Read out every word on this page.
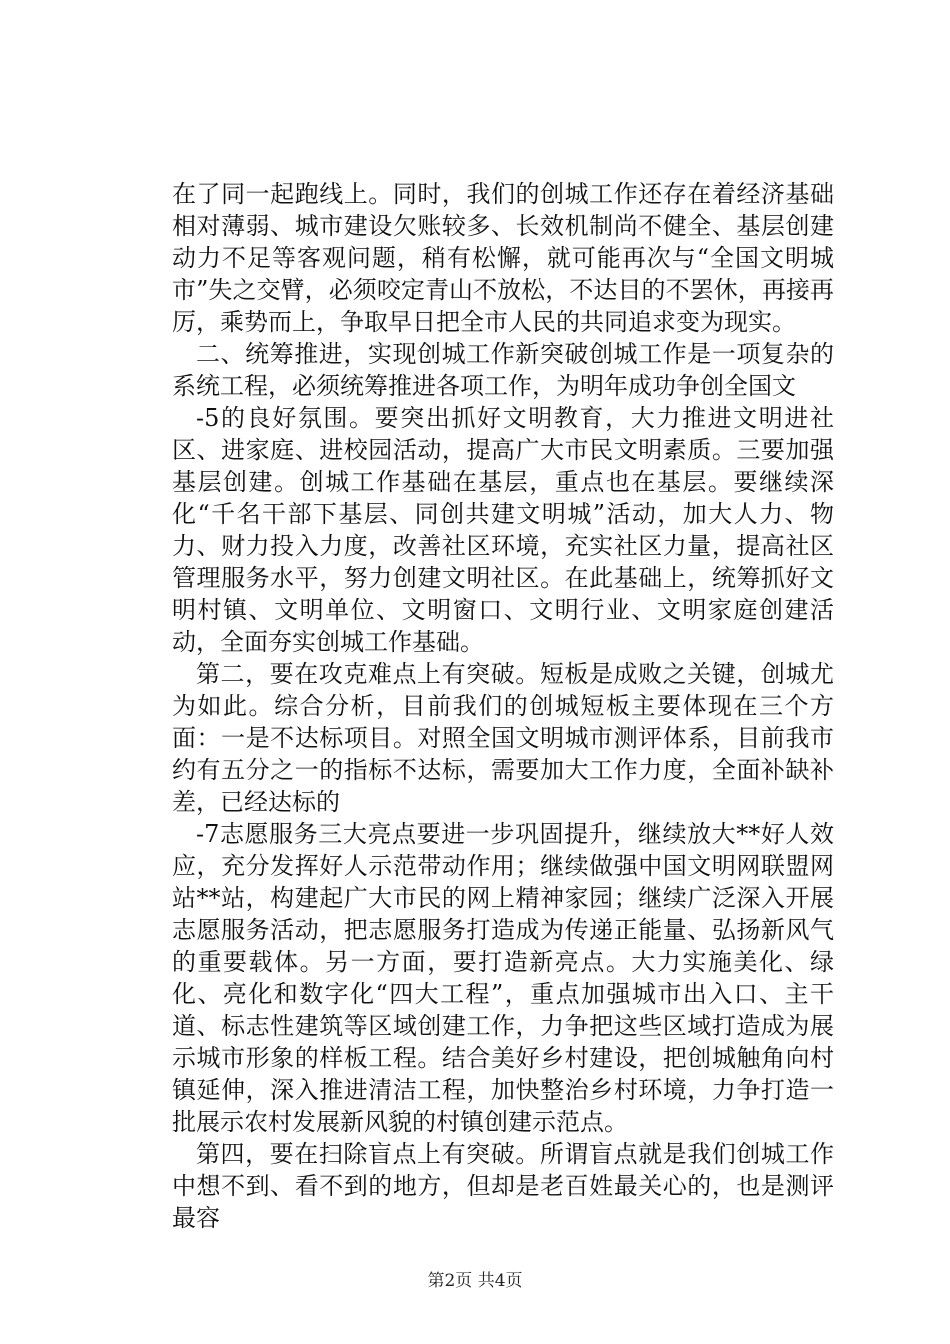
在了同一起跑线上。同时，我们的创城工作还存在着经济基础相对薄弱、城市建设欠账较多、长效机制尚不健全、基层创建动力不足等客观问题，稍有松懈，就可能再次与“全国文明城市”失之交臂，必须咬定青山不放松，不达目的不罢休，再接再厉，乘势而上，争取早日把全市人民的共同追求变为现实。

二、统筹推进，实现创城工作新突破创城工作是一项复杂的系统工程，必须统筹推进各项工作，为明年成功争创全国文

-5的良好氛围。要突出抓好文明教育，大力推进文明进社区、进家庭、进校园活动，提高广大市民文明素质。三要加强基层创建。创城工作基础在基层，重点也在基层。要继续深化“千名干部下基层、同创共建文明城”活动，加大人力、物力、财力投入力度，改善社区环境，充实社区力量，提高社区管理服务水平，努力创建文明社区。在此基础上，统筹抓好文明村镇、文明单位、文明窗口、文明行业、文明家庭创建活动，全面夯实创城工作基础。

第二，要在攻克难点上有突破。短板是成败之关键，创城尤为如此。综合分析，目前我们的创城短板主要体现在三个方面：一是不达标项目。对照全国文明城市测评体系，目前我市约有五分之一的指标不达标，需要加大工作力度，全面补缺补差，已经达标的

-7志愿服务三大亮点要进一步巩固提升，继续放大**好人效应，充分发挥好人示范带动作用；继续做强中国文明网联盟网站**站，构建起广大市民的网上精神家园；继续广泛深入开展志愿服务活动，把志愿服务打造成为传递正能量、弘扬新风气的重要载体。另一方面，要打造新亮点。大力实施美化、绿化、亮化和数字化“四大工程”，重点加强城市出入口、主干道、标志性建筑等区域创建工作，力争把这些区域打造成为展示城市形象的样板工程。结合美好乡村建设，把创城触角向村镇延伸，深入推进清洁工程，加快整治乡村环境，力争打造一批展示农村发展新风貌的村镇创建示范点。

第四，要在扫除盲点上有突破。所谓盲点就是我们创城工作中想不到、看不到的地方，但却是老百姓最关心的，也是测评最容

第2页 共4页
